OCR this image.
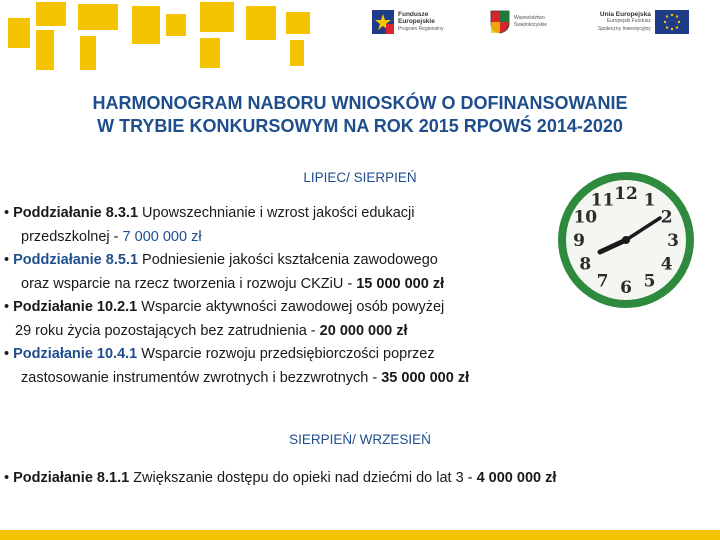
Fundusze
Europejskie
Program Regionalny
Województwo
Świętokrzyskie
Unia Europejska
Europejski Fundusz
Społeczny Inwestycyjny
HARMONOGRAM NABORU WNIOSKÓW O DOFINANSOWANIE
W TRYBIE KONKURSOWYM NA ROK 2015 RPOWŚ 2014-2020
LIPIEC/ SIERPIEŃ
• Poddziałanie 8.3.1 Upowszechnianie i wzrost jakości edukacji
przedszkolnej - 7 000 000 zł
• Poddziałanie 8.5.1 Podniesienie jakości kształcenia zawodowego
oraz wsparcie na rzecz tworzenia i rozwoju CKZiU - 15 000 000 zł
• Podziałanie 10.2.1 Wsparcie aktywności zawodowej osób powyżej
29 roku życia pozostających bez zatrudnienia - 20 000 000 zł
• Podziałanie 10.4.1 Wsparcie rozwoju przedsiębiorczości poprzez
zastosowanie instrumentów zwrotnych i bezzwrotnych - 35 000 000 zł
12 1
2
3
4
5
6
7
8
9
10
11
SIERPIEŃ/ WRZESIEŃ
• Podziałanie 8.1.1 Zwiększanie dostępu do opieki nad dziećmi do lat 3 - 4 000 000 zł
